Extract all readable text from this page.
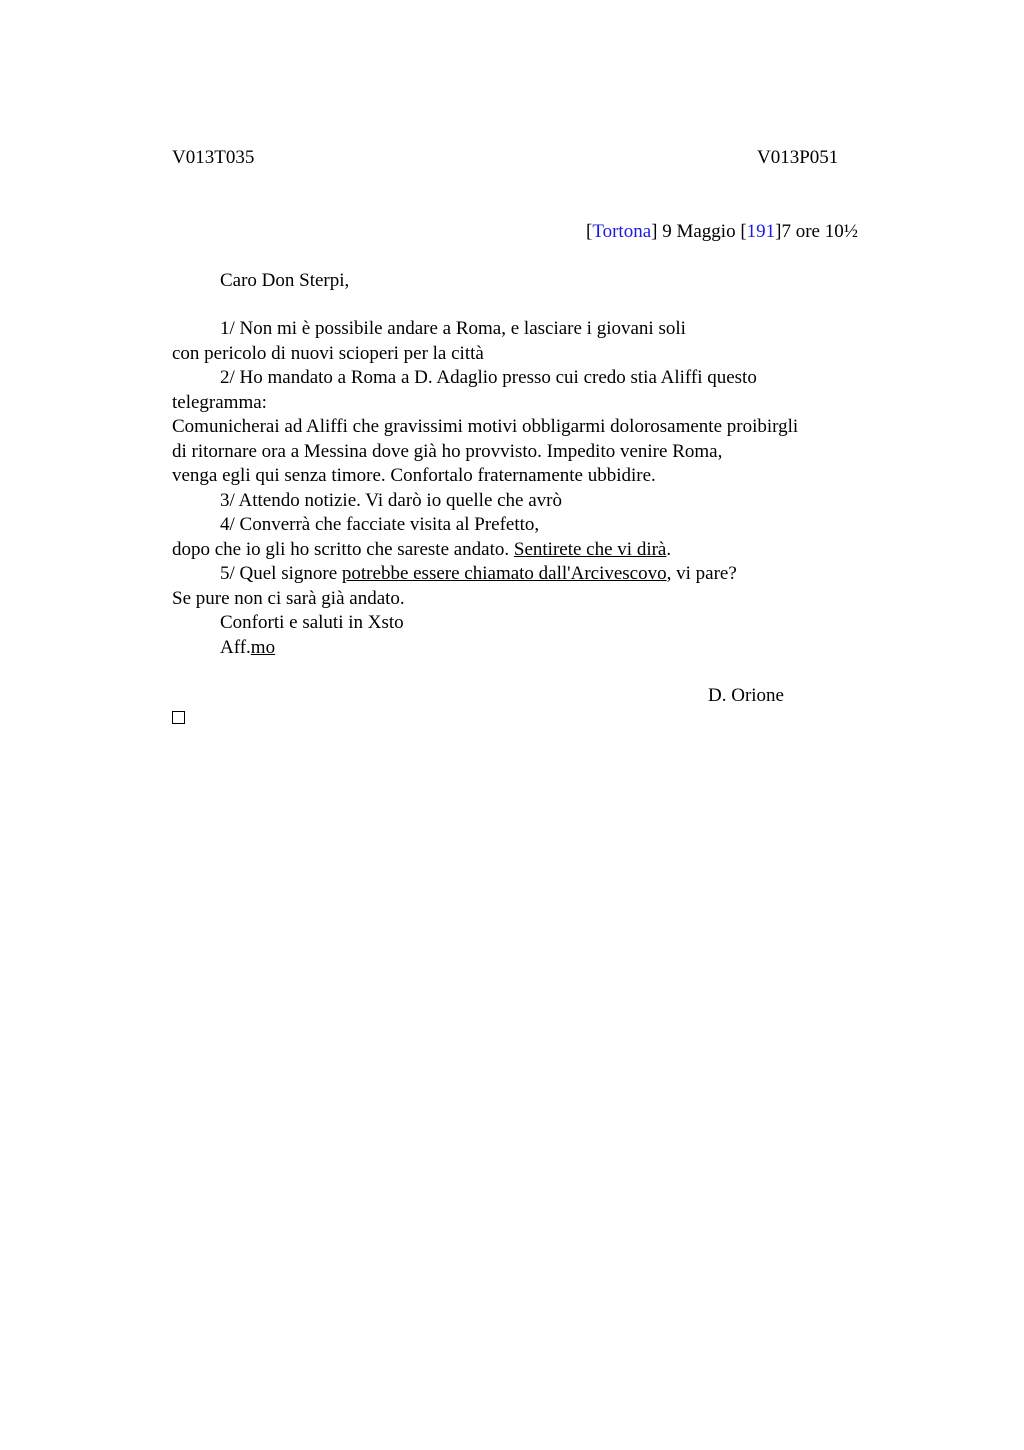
V013T035	V013P051
[Tortona] 9 Maggio [191]7 ore 10½
Caro Don Sterpi,
1/ Non mi è possibile andare a Roma, e lasciare i giovani soli
con pericolo di nuovi scioperi per la città
2/ Ho mandato a Roma a D. Adaglio presso cui credo stia Aliffi questo
telegramma:
Comunicherai ad Aliffi che gravissimi motivi obbligarmi dolorosamente proibirgli
di ritornare ora a Messina dove già ho provvisto. Impedito venire Roma,
venga egli qui senza timore. Confortalo fraternamente ubbidire.
3/ Attendo notizie. Vi darò io quelle che avrò
4/ Converrà che facciate visita al Prefetto,
dopo che io gli ho scritto che sareste andato. Sentirete che vi dirà.
5/ Quel signore potrebbe essere chiamato dall'Arcivescovo, vi pare?
Se pure non ci sarà già andato.
Conforti e saluti in Xsto
Aff.mo
D. Orione
